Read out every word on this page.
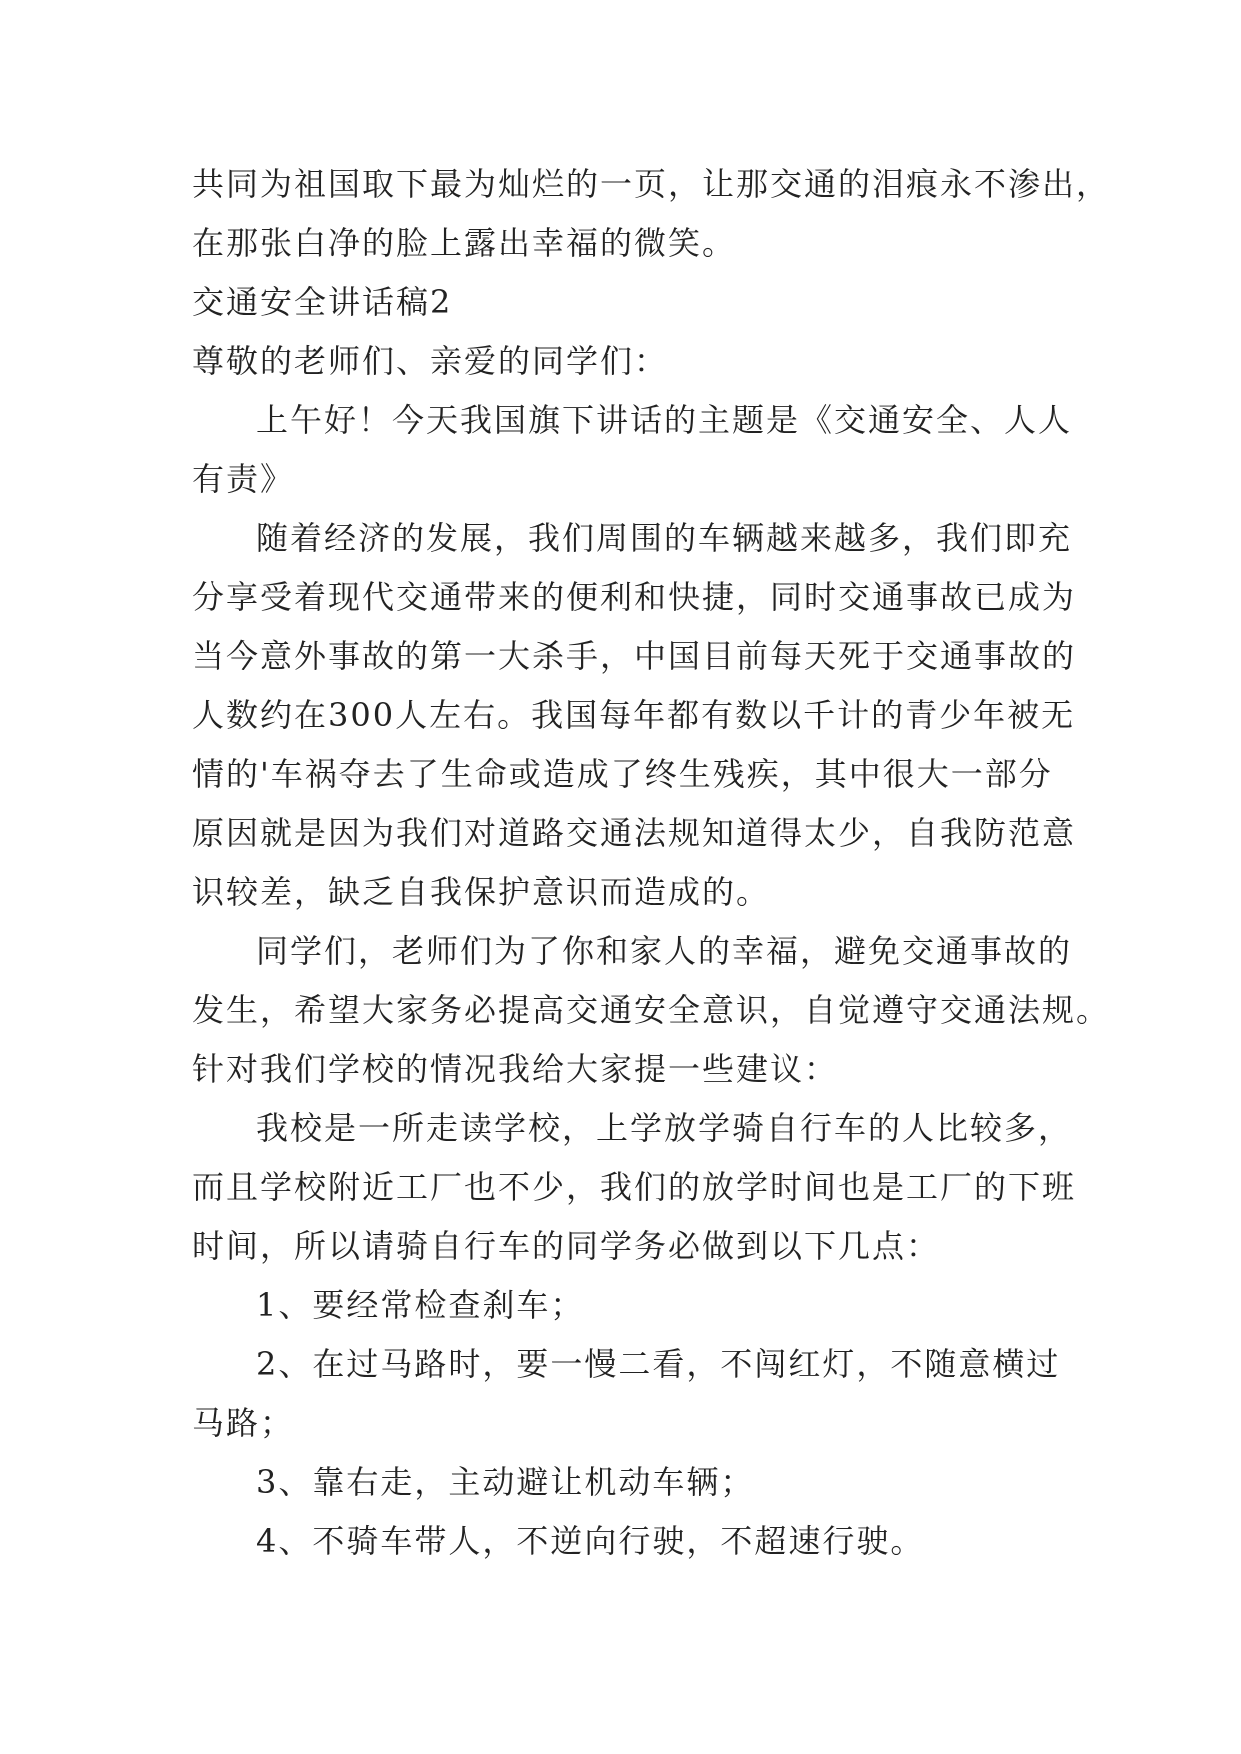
共同为祖国取下最为灿烂的一页，让那交通的泪痕永不渗出，
在那张白净的脸上露出幸福的微笑。
交通安全讲话稿2
尊敬的老师们、亲爱的同学们：
上午好！今天我国旗下讲话的主题是《交通安全、人人
有责》
随着经济的发展，我们周围的车辆越来越多，我们即充
分享受着现代交通带来的便利和快捷，同时交通事故已成为
当今意外事故的第一大杀手，中国目前每天死于交通事故的
人数约在300人左右。我国每年都有数以千计的青少年被无
情的'车祸夺去了生命或造成了终生残疾，其中很大一部分
原因就是因为我们对道路交通法规知道得太少，自我防范意
识较差，缺乏自我保护意识而造成的。
同学们，老师们为了你和家人的幸福，避免交通事故的
发生，希望大家务必提高交通安全意识，自觉遵守交通法规。
针对我们学校的情况我给大家提一些建议：
我校是一所走读学校，上学放学骑自行车的人比较多，
而且学校附近工厂也不少，我们的放学时间也是工厂的下班
时间，所以请骑自行车的同学务必做到以下几点：
1、要经常检查刹车；
2、在过马路时，要一慢二看，不闯红灯，不随意横过
马路；
3、靠右走，主动避让机动车辆；
4、不骑车带人，不逆向行驶，不超速行驶。
